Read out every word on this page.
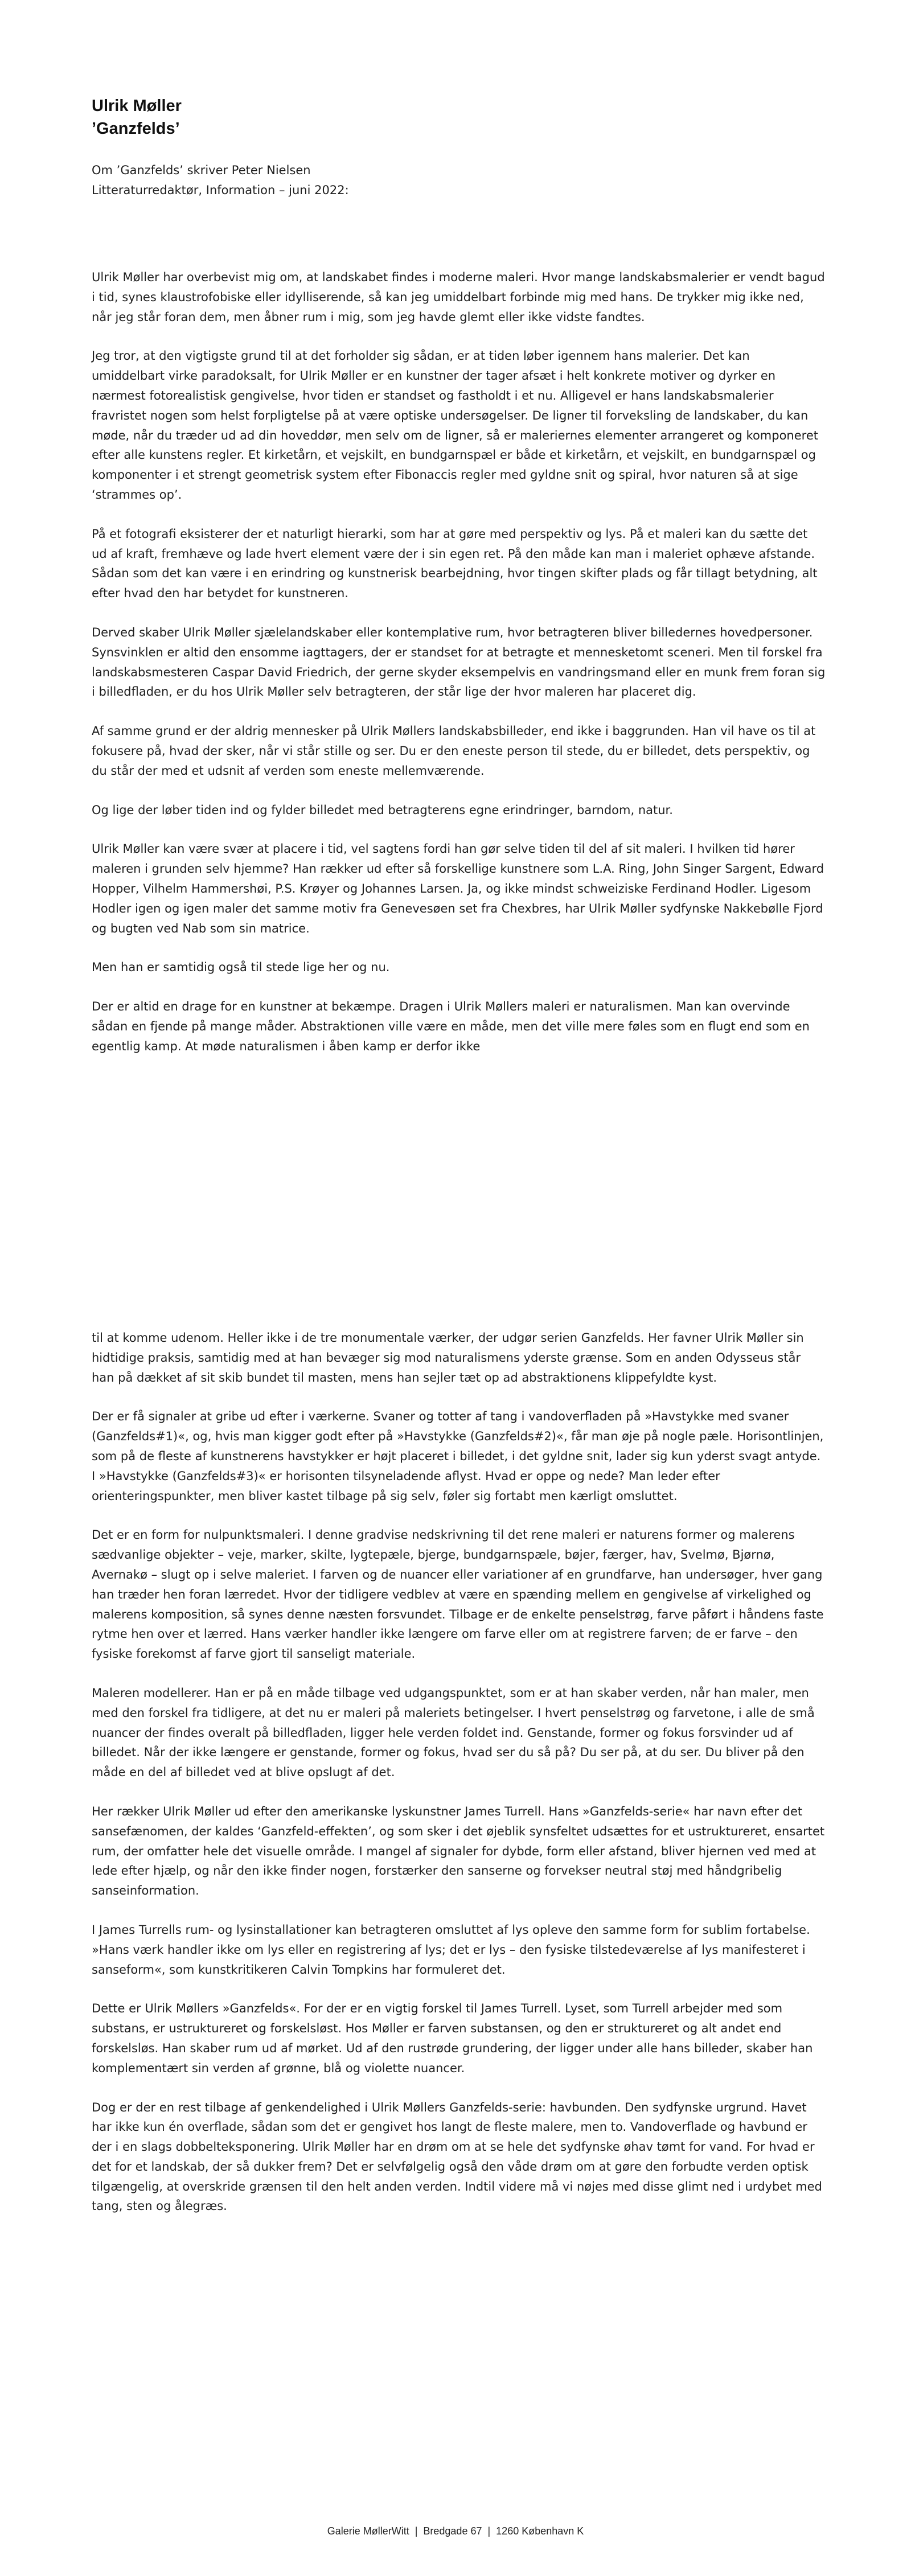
Ulrik Møller
’Ganzfelds’
Om ’Ganzfelds’ skriver Peter Nielsen
Litteraturredaktør, Information – juni 2022:

Ulrik Møller har overbevist mig om, at landskabet findes i moderne maleri. Hvor mange landskabsmalerier er vendt bagud i tid, synes klaustrofobiske eller idylliserende, så kan jeg umiddelbart forbinde mig med hans. De trykker mig ikke ned, når jeg står foran dem, men åbner rum i mig, som jeg havde glemt eller ikke vidste fandtes.

Jeg tror, at den vigtigste grund til at det forholder sig sådan, er at tiden løber igennem hans malerier. Det kan umiddelbart virke paradoksalt, for Ulrik Møller er en kunstner der tager afsæt i helt konkrete motiver og dyrker en nærmest fotorealistisk gengivelse, hvor tiden er standset og fastholdt i et nu. Alligevel er hans landskabsmalerier fravristet nogen som helst forpligtelse på at være optiske undersøgelser. De ligner til forveksling de landskaber, du kan møde, når du træder ud ad din hoveddør, men selv om de ligner, så er maleriernes elementer arrangeret og komponeret efter alle kunstens regler. Et kirketårn, et vejskilt, en bundgarnspæl er både et kirketårn, et vejskilt, en bundgarnspæl og komponenter i et strengt geometrisk system efter Fibonaccis regler med gyldne snit og spiral, hvor naturen så at sige ‘strammes op’.

På et fotografi eksisterer der et naturligt hierarki, som har at gøre med perspektiv og lys. På et maleri kan du sætte det ud af kraft, fremhæve og lade hvert element være der i sin egen ret. På den måde kan man i maleriet ophæve afstande. Sådan som det kan være i en erindring og kunstnerisk bearbejdning, hvor tingen skifter plads og får tillagt betydning, alt efter hvad den har betydet for kunstneren.

Derved skaber Ulrik Møller sjælelandskaber eller kontemplative rum, hvor betragteren bliver billedernes hovedpersoner. Synsvinklen er altid den ensomme iagttagers, der er standset for at betragte et mennesketomt sceneri. Men til forskel fra landskabsmesteren Caspar David Friedrich, der gerne skyder eksempelvis en vandringsmand eller en munk frem foran sig i billedfladen, er du hos Ulrik Møller selv betragteren, der står lige der hvor maleren har placeret dig.

Af samme grund er der aldrig mennesker på Ulrik Møllers landskabsbilleder, end ikke i baggrunden. Han vil have os til at fokusere på, hvad der sker, når vi står stille og ser. Du er den eneste person til stede, du er billedet, dets perspektiv, og du står der med et udsnit af verden som eneste mellemværende.

Og lige der løber tiden ind og fylder billedet med betragterens egne erindringer, barndom, natur.

Ulrik Møller kan være svær at placere i tid, vel sagtens fordi han gør selve tiden til del af sit maleri. I hvilken tid hører maleren i grunden selv hjemme? Han rækker ud efter så forskellige kunstnere som L.A. Ring, John Singer Sargent, Edward Hopper, Vilhelm Hammershøi, P.S. Krøyer og Johannes Larsen. Ja, og ikke mindst schweiziske Ferdinand Hodler. Ligesom Hodler igen og igen maler det samme motiv fra Genevesøen set fra Chexbres, har Ulrik Møller sydfynske Nakkebølle Fjord og bugten ved Nab som sin matrice.

Men han er samtidig også til stede lige her og nu.

Der er altid en drage for en kunstner at bekæmpe. Dragen i Ulrik Møllers maleri er naturalismen. Man kan overvinde sådan en fjende på mange måder. Abstraktionen ville være en måde, men det ville mere føles som en flugt end som en egentlig kamp. At møde naturalismen i åben kamp er derfor ikke

til at komme udenom. Heller ikke i de tre monumentale værker, der udgør serien Ganzfelds. Her favner Ulrik Møller sin hidtidige praksis, samtidig med at han bevæger sig mod naturalismens yderste grænse. Som en anden Odysseus står han på dækket af sit skib bundet til masten, mens han sejler tæt op ad abstraktionens klippefyldte kyst.

Der er få signaler at gribe ud efter i værkerne. Svaner og totter af tang i vandoverfladen på »Havstykke med svaner (Ganzfelds#1)«, og, hvis man kigger godt efter på »Havstykke (Ganzfelds#2)«, får man øje på nogle pæle. Horisontlinjen, som på de fleste af kunstnerens havstykker er højt placeret i billedet, i det gyldne snit, lader sig kun yderst svagt antyde. I »Havstykke (Ganzfelds#3)« er horisonten tilsyneladende aflyst. Hvad er oppe og nede? Man leder efter orienteringspunkter, men bliver kastet tilbage på sig selv, føler sig fortabt men kærligt omsluttet.

Det er en form for nulpunktsmaleri. I denne gradvise nedskrivning til det rene maleri er naturens former og malerens sædvanlige objekter – veje, marker, skilte, lygtepæle, bjerge, bundgarnspæle, bøjer, færger, hav, Svelmø, Bjørnø, Avernakø – slugt op i selve maleriet. I farven og de nuancer eller variationer af en grundfarve, han undersøger, hver gang han træder hen foran lærredet. Hvor der tidligere vedblev at være en spænding mellem en gengivelse af virkelighed og malerens komposition, så synes denne næsten forsvundet. Tilbage er de enkelte penselstrøg, farve påført i håndens faste rytme hen over et lærred. Hans værker handler ikke længere om farve eller om at registrere farven; de er farve – den fysiske forekomst af farve gjort til sanseligt materiale.

Maleren modellerer. Han er på en måde tilbage ved udgangspunktet, som er at han skaber verden, når han maler, men med den forskel fra tidligere, at det nu er maleri på maleriets betingelser. I hvert penselstrøg og farvetone, i alle de små nuancer der findes overalt på billedfladen, ligger hele verden foldet ind. Genstande, former og fokus forsvinder ud af billedet. Når der ikke længere er genstande, former og fokus, hvad ser du så på? Du ser på, at du ser. Du bliver på den måde en del af billedet ved at blive opslugt af det.

Her rækker Ulrik Møller ud efter den amerikanske lyskunstner James Turrell. Hans »Ganzfelds-serie« har navn efter det sansefænomen, der kaldes ‘Ganzfeld-effekten’, og som sker i det øjeblik synsfeltet udsættes for et ustruktureret, ensartet rum, der omfatter hele det visuelle område. I mangel af signaler for dybde, form eller afstand, bliver hjernen ved med at lede efter hjælp, og når den ikke finder nogen, forstærker den sanserne og forvekser neutral støj med håndgribelig sanseinformation.

I James Turrells rum- og lysinstallationer kan betragteren omsluttet af lys opleve den samme form for sublim fortabelse. »Hans værk handler ikke om lys eller en registrering af lys; det er lys – den fysiske tilstedeværelse af lys manifesteret i sanseform«, som kunstkritikeren Calvin Tompkins har formuleret det.

Dette er Ulrik Møllers »Ganzfelds«. For der er en vigtig forskel til James Turrell. Lyset, som Turrell arbejder med som substans, er ustruktureret og forskelsløst. Hos Møller er farven substansen, og den er struktureret og alt andet end forskelsløs. Han skaber rum ud af mørket. Ud af den rustrøde grundering, der ligger under alle hans billeder, skaber han komplementært sin verden af grønne, blå og violette nuancer.

Dog er der en rest tilbage af genkendelighed i Ulrik Møllers Ganzfelds-serie: havbunden. Den sydfynske urgrund. Havet har ikke kun én overflade, sådan som det er gengivet hos langt de fleste malere, men to. Vandoverflade og havbund er der i en slags dobbelteksponering. Ulrik Møller har en drøm om at se hele det sydfynske øhav tømt for vand. For hvad er det for et landskab, der så dukker frem? Det er selvfølgelig også den våde drøm om at gøre den forbudte verden optisk tilgængelig, at overskride grænsen til den helt anden verden. Indtil videre må vi nøjes med disse glimt ned i urdybet med tang, sten og ålegræs.

Galerie MøllerWitt | Bredgade 67 | 1260 København K
